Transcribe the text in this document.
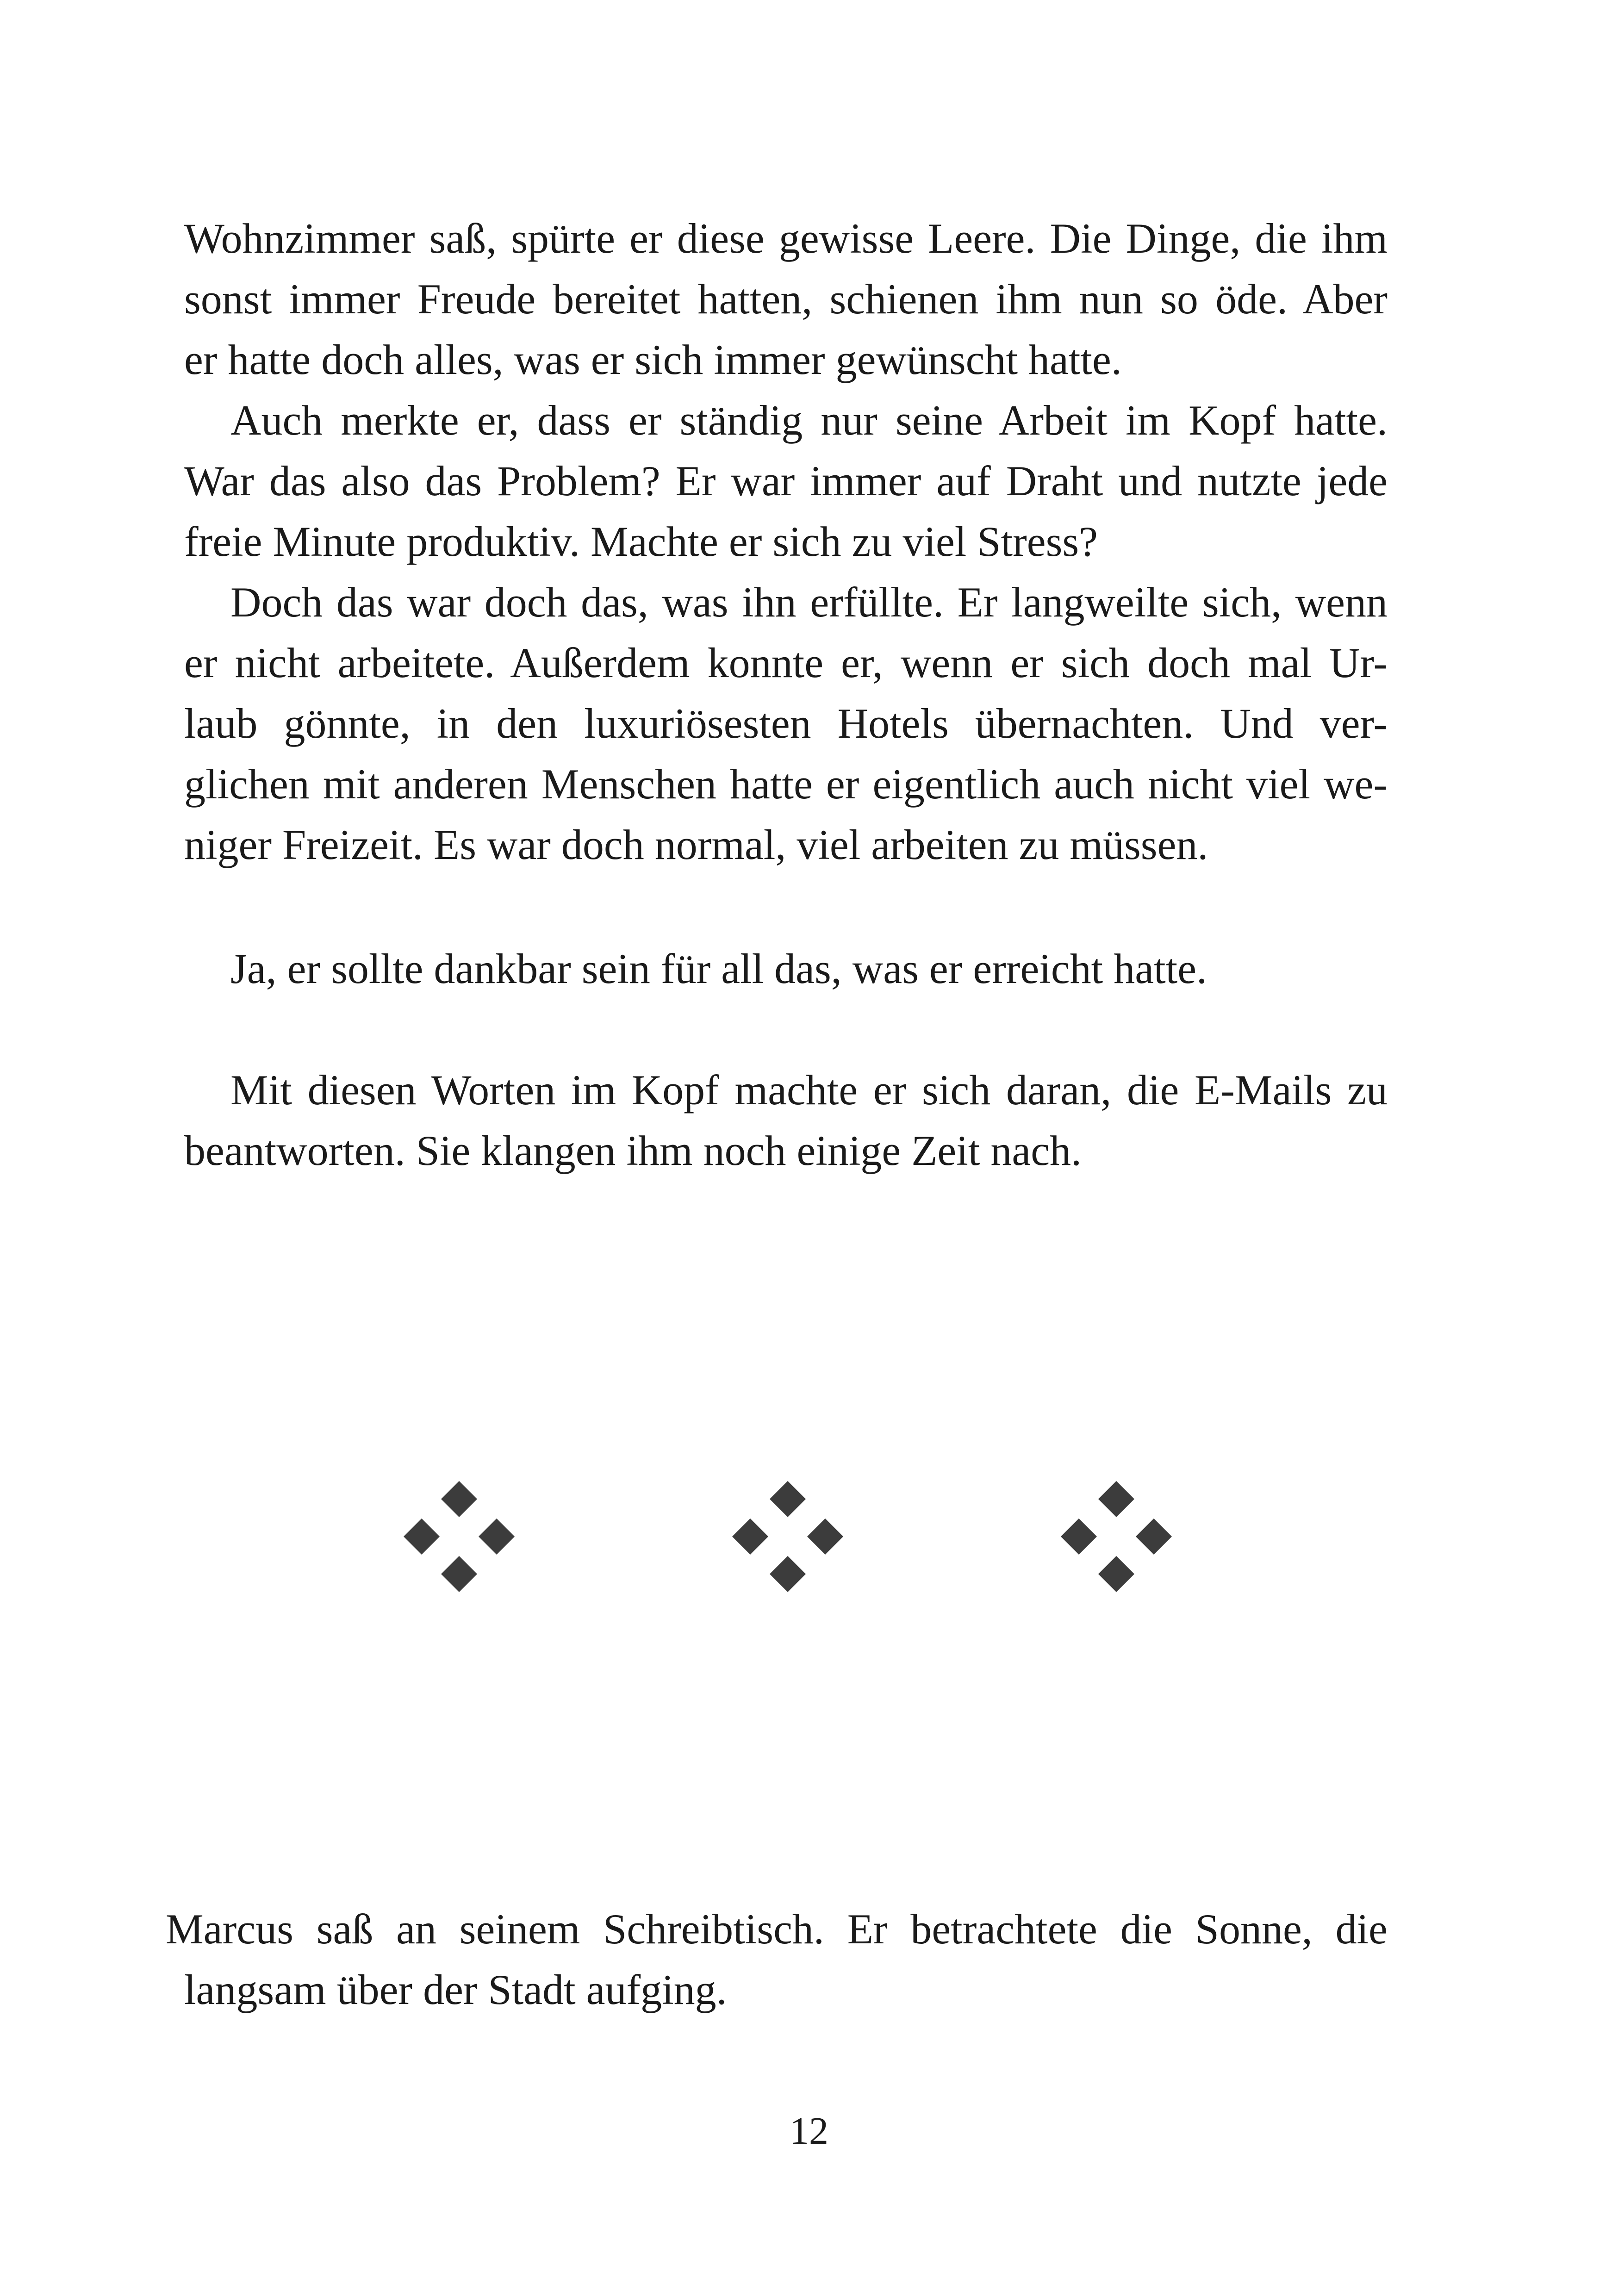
Wohnzimmer saß, spürte er diese gewisse Leere. Die Dinge, die ihm
sonst immer Freude bereitet hatten, schienen ihm nun so öde. Aber
er hatte doch alles, was er sich immer gewünscht hatte.
Auch merkte er, dass er ständig nur seine Arbeit im Kopf hatte.
War das also das Problem? Er war immer auf Draht und nutzte jede
freie Minute produktiv. Machte er sich zu viel Stress?
Doch das war doch das, was ihn erfüllte. Er langweilte sich, wenn
er nicht arbeitete. Außerdem konnte er, wenn er sich doch mal Ur-
laub gönnte, in den luxuriösesten Hotels übernachten. Und ver-
glichen mit anderen Menschen hatte er eigentlich auch nicht viel we-
niger Freizeit. Es war doch normal, viel arbeiten zu müssen.
Ja, er sollte dankbar sein für all das, was er erreicht hatte.
Mit diesen Worten im Kopf machte er sich daran, die E-Mails zu
beantworten. Sie klangen ihm noch einige Zeit nach.
Marcus saß an seinem Schreibtisch. Er betrachtete die Sonne, die
langsam über der Stadt aufging.
12
